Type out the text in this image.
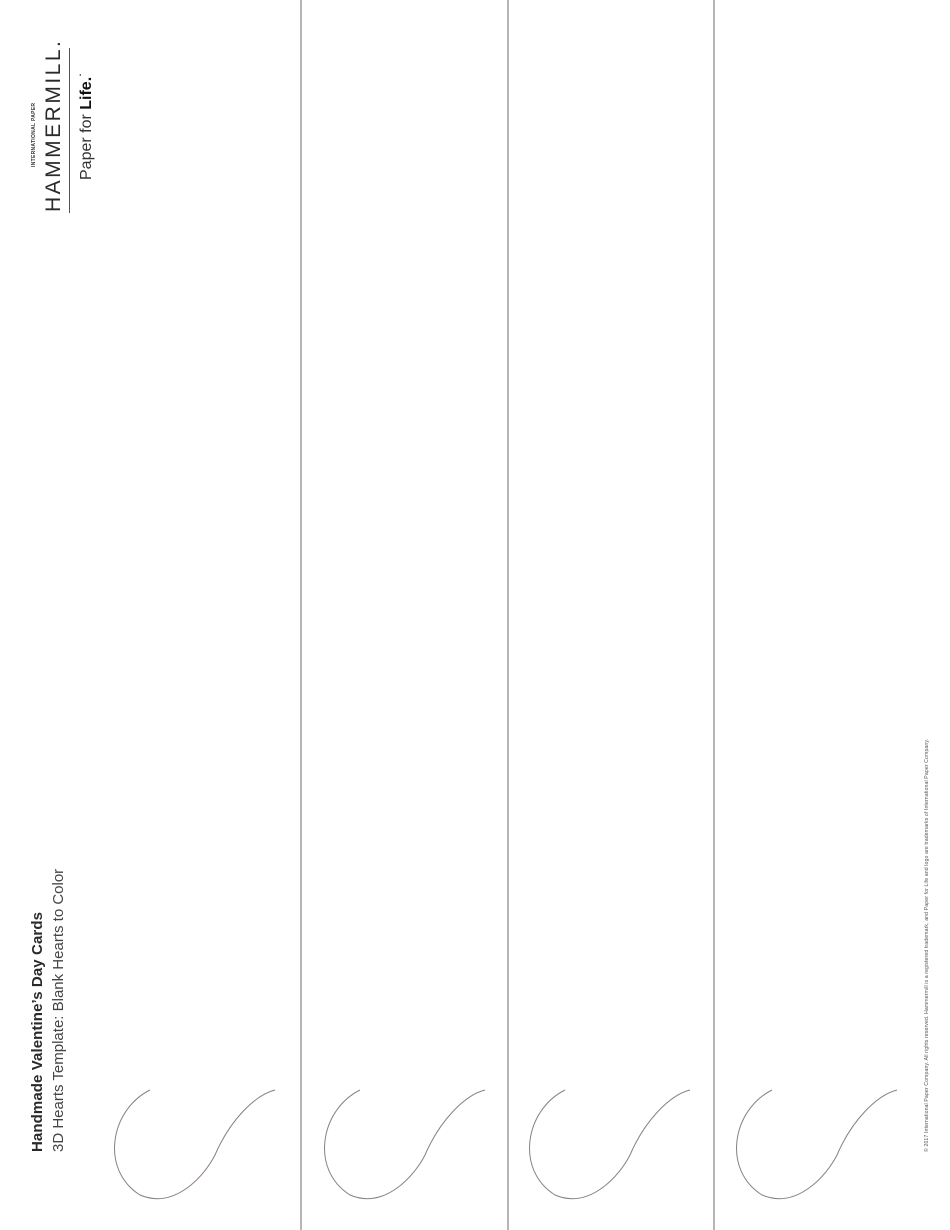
Handmade Valentine’s Day Cards 3D Hearts Template: Blank Hearts to Color
INTERNATIONAL PAPER HAMMERMILL. Paper for Life.˙
© 2017 International Paper Company. All rights reserved. Hammermill is a registered trademark, and Paper for Life and logo are trademarks of International Paper Company.
